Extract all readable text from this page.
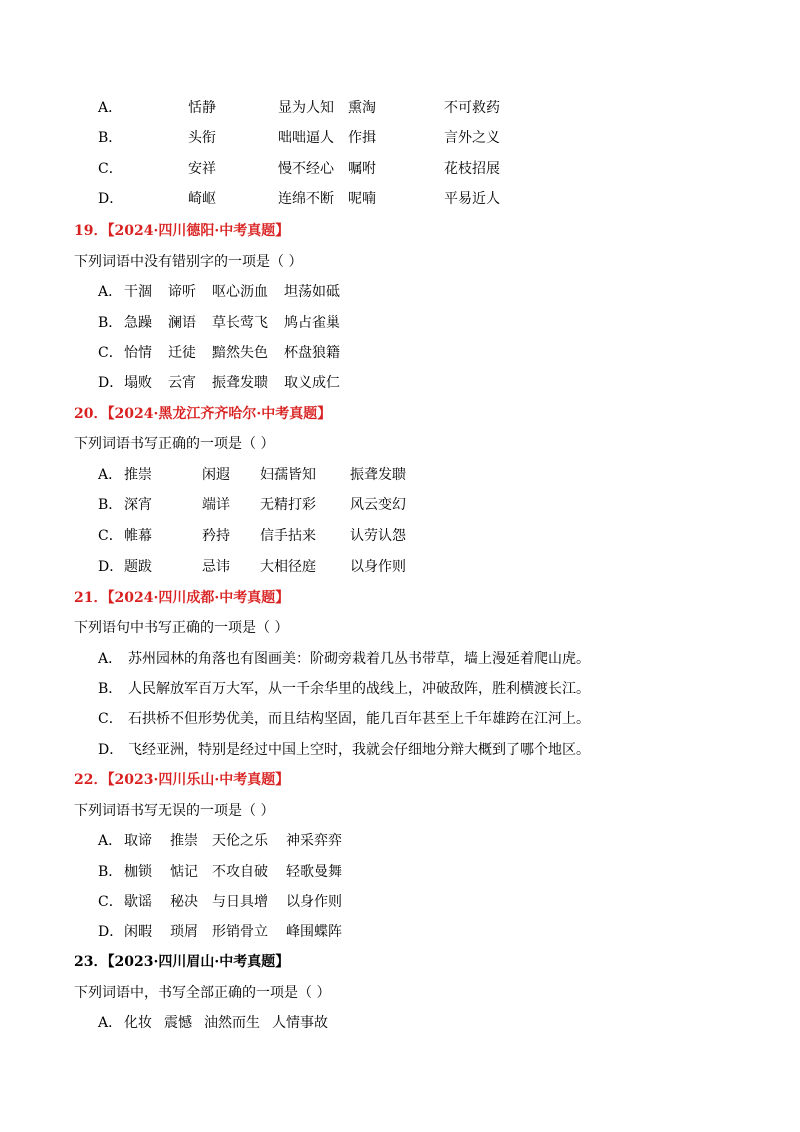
A．	恬静	显为人知 熏淘	不可救药
B．	头衔	咄咄逼人 作揖	言外之义
C．	安祥	慢不经心 嘱咐	花枝招展
D．	崎岖	连绵不断 呢喃	平易近人
19．【2024·四川德阳·中考真题】
下列词语中没有错别字的一项是（ ）
A． 干涸 谛听 呕心沥血 坦荡如砥
B． 急躁 澜语 草长莺飞 鸠占雀巢
C． 怡情 迁徒 黯然失色 杯盘狼籍
D． 塌败 云宵 振聋发聩 取义成仁
20．【2024·黑龙江齐齐哈尔·中考真题】
下列词语书写正确的一项是（ ）
A． 推崇	闲遐 妇孺皆知 振聋发聩
B． 深宵	端详 无精打彩 风云变幻
C． 帷幕	矜持 信手拈来 认劳认怨
D． 题跋	忌讳 大相径庭 以身作则
21．【2024·四川成都·中考真题】
下列语句中书写正确的一项是（ ）
A． 苏州园林的角落也有图画美：阶砌旁栽着几丛书带草，墙上漫延着爬山虎。
B． 人民解放军百万大军，从一千余华里的战线上，冲破敌阵，胜利横渡长江。
C． 石拱桥不但形势优美，而且结构坚固，能几百年甚至上千年雄跨在江河上。
D． 飞经亚洲，特别是经过中国上空时，我就会仔细地分辩大概到了哪个地区。
22．【2023·四川乐山·中考真题】
下列词语书写无误的一项是（ ）
A． 取谛 推崇 天伦之乐 神采弈弈
B． 枷锁 惦记 不攻自破 轻歌曼舞
C． 歇谣 秘决 与日具增 以身作则
D． 闲暇 琐屑 形销骨立 峰围蝶阵
23．【2023·四川眉山·中考真题】
下列词语中，书写全部正确的一项是（ ）
A． 化妆 震憾 油然而生 人情事故
